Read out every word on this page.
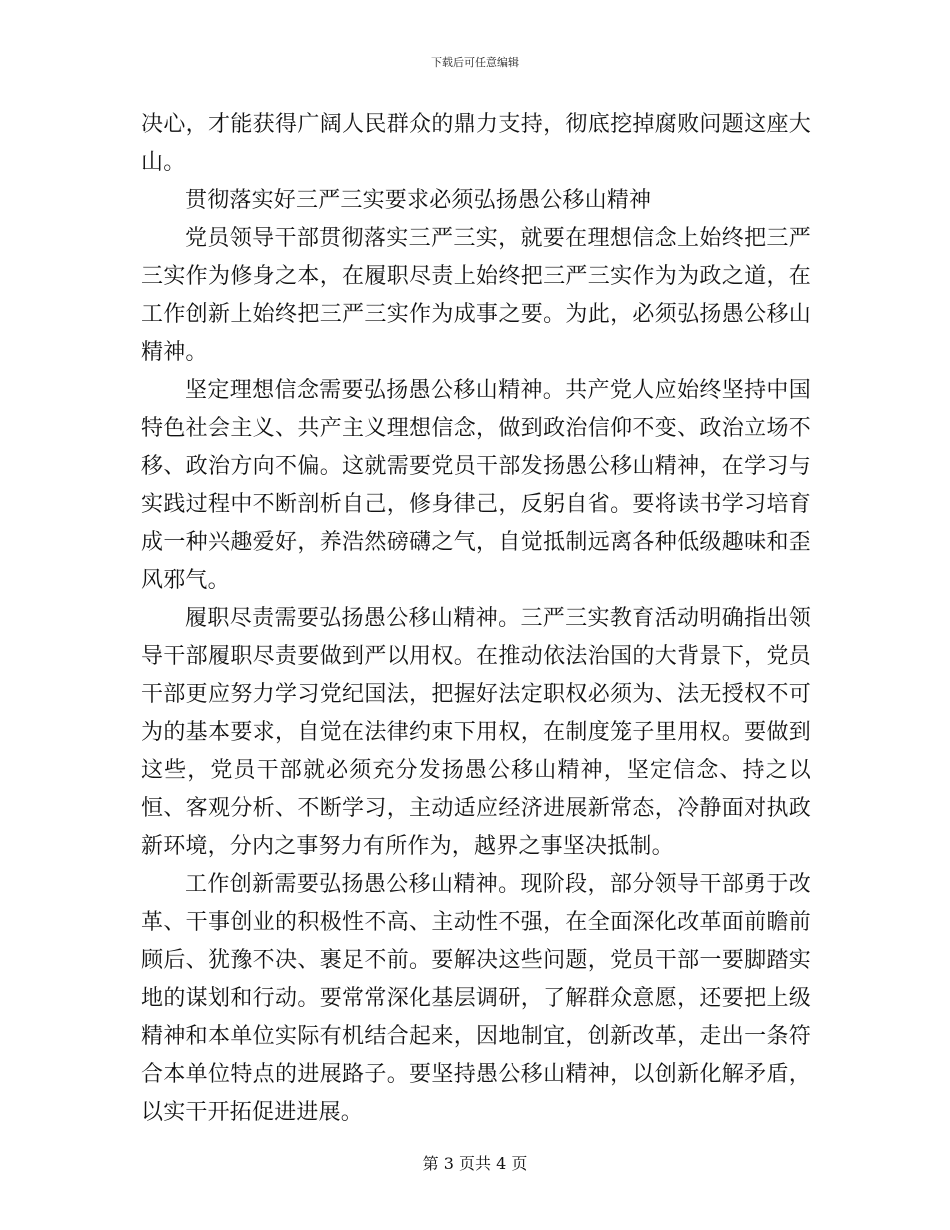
下载后可任意编辑

决心，才能获得广阔人民群众的鼎力支持，彻底挖掉腐败问题这座大山。

贯彻落实好三严三实要求必须弘扬愚公移山精神

党员领导干部贯彻落实三严三实，就要在理想信念上始终把三严三实作为修身之本，在履职尽责上始终把三严三实作为为政之道，在工作创新上始终把三严三实作为成事之要。为此，必须弘扬愚公移山精神。

坚定理想信念需要弘扬愚公移山精神。共产党人应始终坚持中国特色社会主义、共产主义理想信念，做到政治信仰不变、政治立场不移、政治方向不偏。这就需要党员干部发扬愚公移山精神，在学习与实践过程中不断剖析自己，修身律己，反躬自省。要将读书学习培育成一种兴趣爱好，养浩然磅礴之气，自觉抵制远离各种低级趣味和歪风邪气。

履职尽责需要弘扬愚公移山精神。三严三实教育活动明确指出领导干部履职尽责要做到严以用权。在推动依法治国的大背景下，党员干部更应努力学习党纪国法，把握好法定职权必须为、法无授权不可为的基本要求，自觉在法律约束下用权，在制度笼子里用权。要做到这些，党员干部就必须充分发扬愚公移山精神，坚定信念、持之以恒、客观分析、不断学习，主动适应经济进展新常态，冷静面对执政新环境，分内之事努力有所作为，越界之事坚决抵制。

工作创新需要弘扬愚公移山精神。现阶段，部分领导干部勇于改革、干事创业的积极性不高、主动性不强，在全面深化改革面前瞻前顾后、犹豫不决、裹足不前。要解决这些问题，党员干部一要脚踏实地的谋划和行动。要常常深化基层调研，了解群众意愿，还要把上级精神和本单位实际有机结合起来，因地制宜，创新改革，走出一条符合本单位特点的进展路子。要坚持愚公移山精神，以创新化解矛盾，以实干开拓促进进展。

第 3 页共 4 页
